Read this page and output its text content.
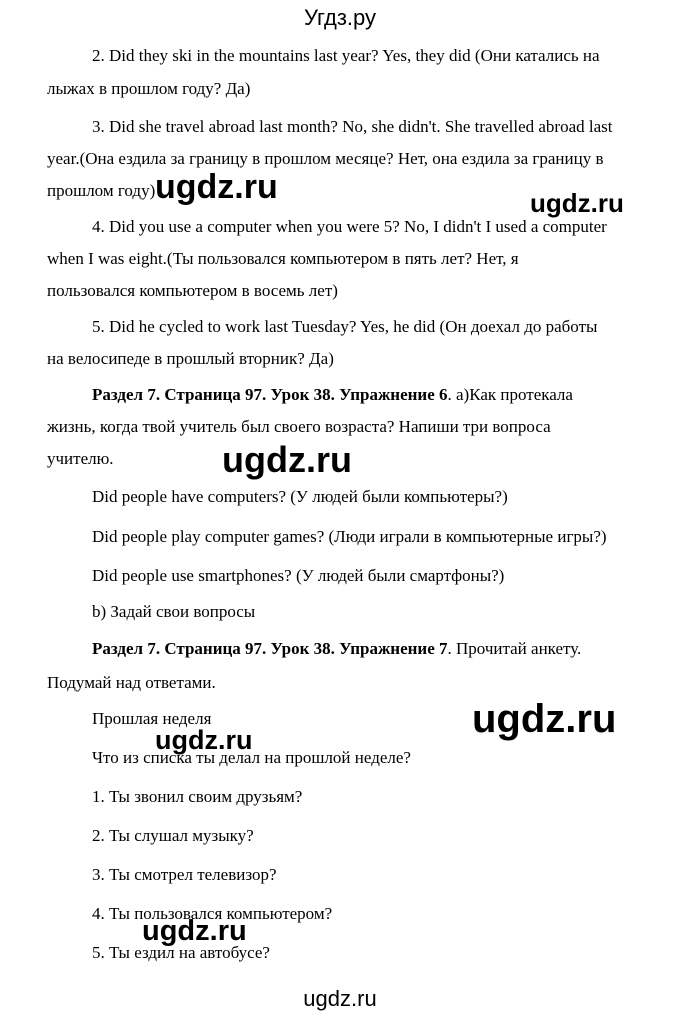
Угдз.ру
2. Did they ski in the mountains last year? Yes, they did (Они катались на
лыжах в прошлом году? Да)
3. Did she travel abroad last month? No, she didn't. She travelled abroad last
year.(Она ездила за границу в прошлом месяце? Нет, она ездила за границу в
прошлом году)
4. Did you use a computer when you were 5? No, I didn't I used a computer
when I was eight.(Ты пользовался компьютером в пять лет? Нет, я
пользовался компьютером в восемь лет)
5. Did he cycled to work last Tuesday? Yes, he did (Он доехал до работы
на велосипеде в прошлый вторник? Да)
Раздел 7. Страница 97. Урок 38. Упражнение 6. а)Как протекала
жизнь, когда твой учитель был своего возраста? Напиши три вопроса
учителю.
Did people have computers? (У людей были компьютеры?)
Did people play computer games? (Люди играли в компьютерные игры?)
Did people use smartphones? (У людей были смартфоны?)
b) Задай свои вопросы
Раздел 7. Страница 97. Урок 38. Упражнение 7. Прочитай анкету.
Подумай над ответами.
Прошлая неделя
Что из списка ты делал на прошлой неделе?
1. Ты звонил своим друзьям?
2. Ты слушал музыку?
3. Ты смотрел телевизор?
4. Ты пользовался компьютером?
5. Ты ездил на автобусе?
ugdz.ru	ugdz.ru
ugdz.ru
ugdz.ru
ugdz.ru
ugdz.ru
ugdz.ru
